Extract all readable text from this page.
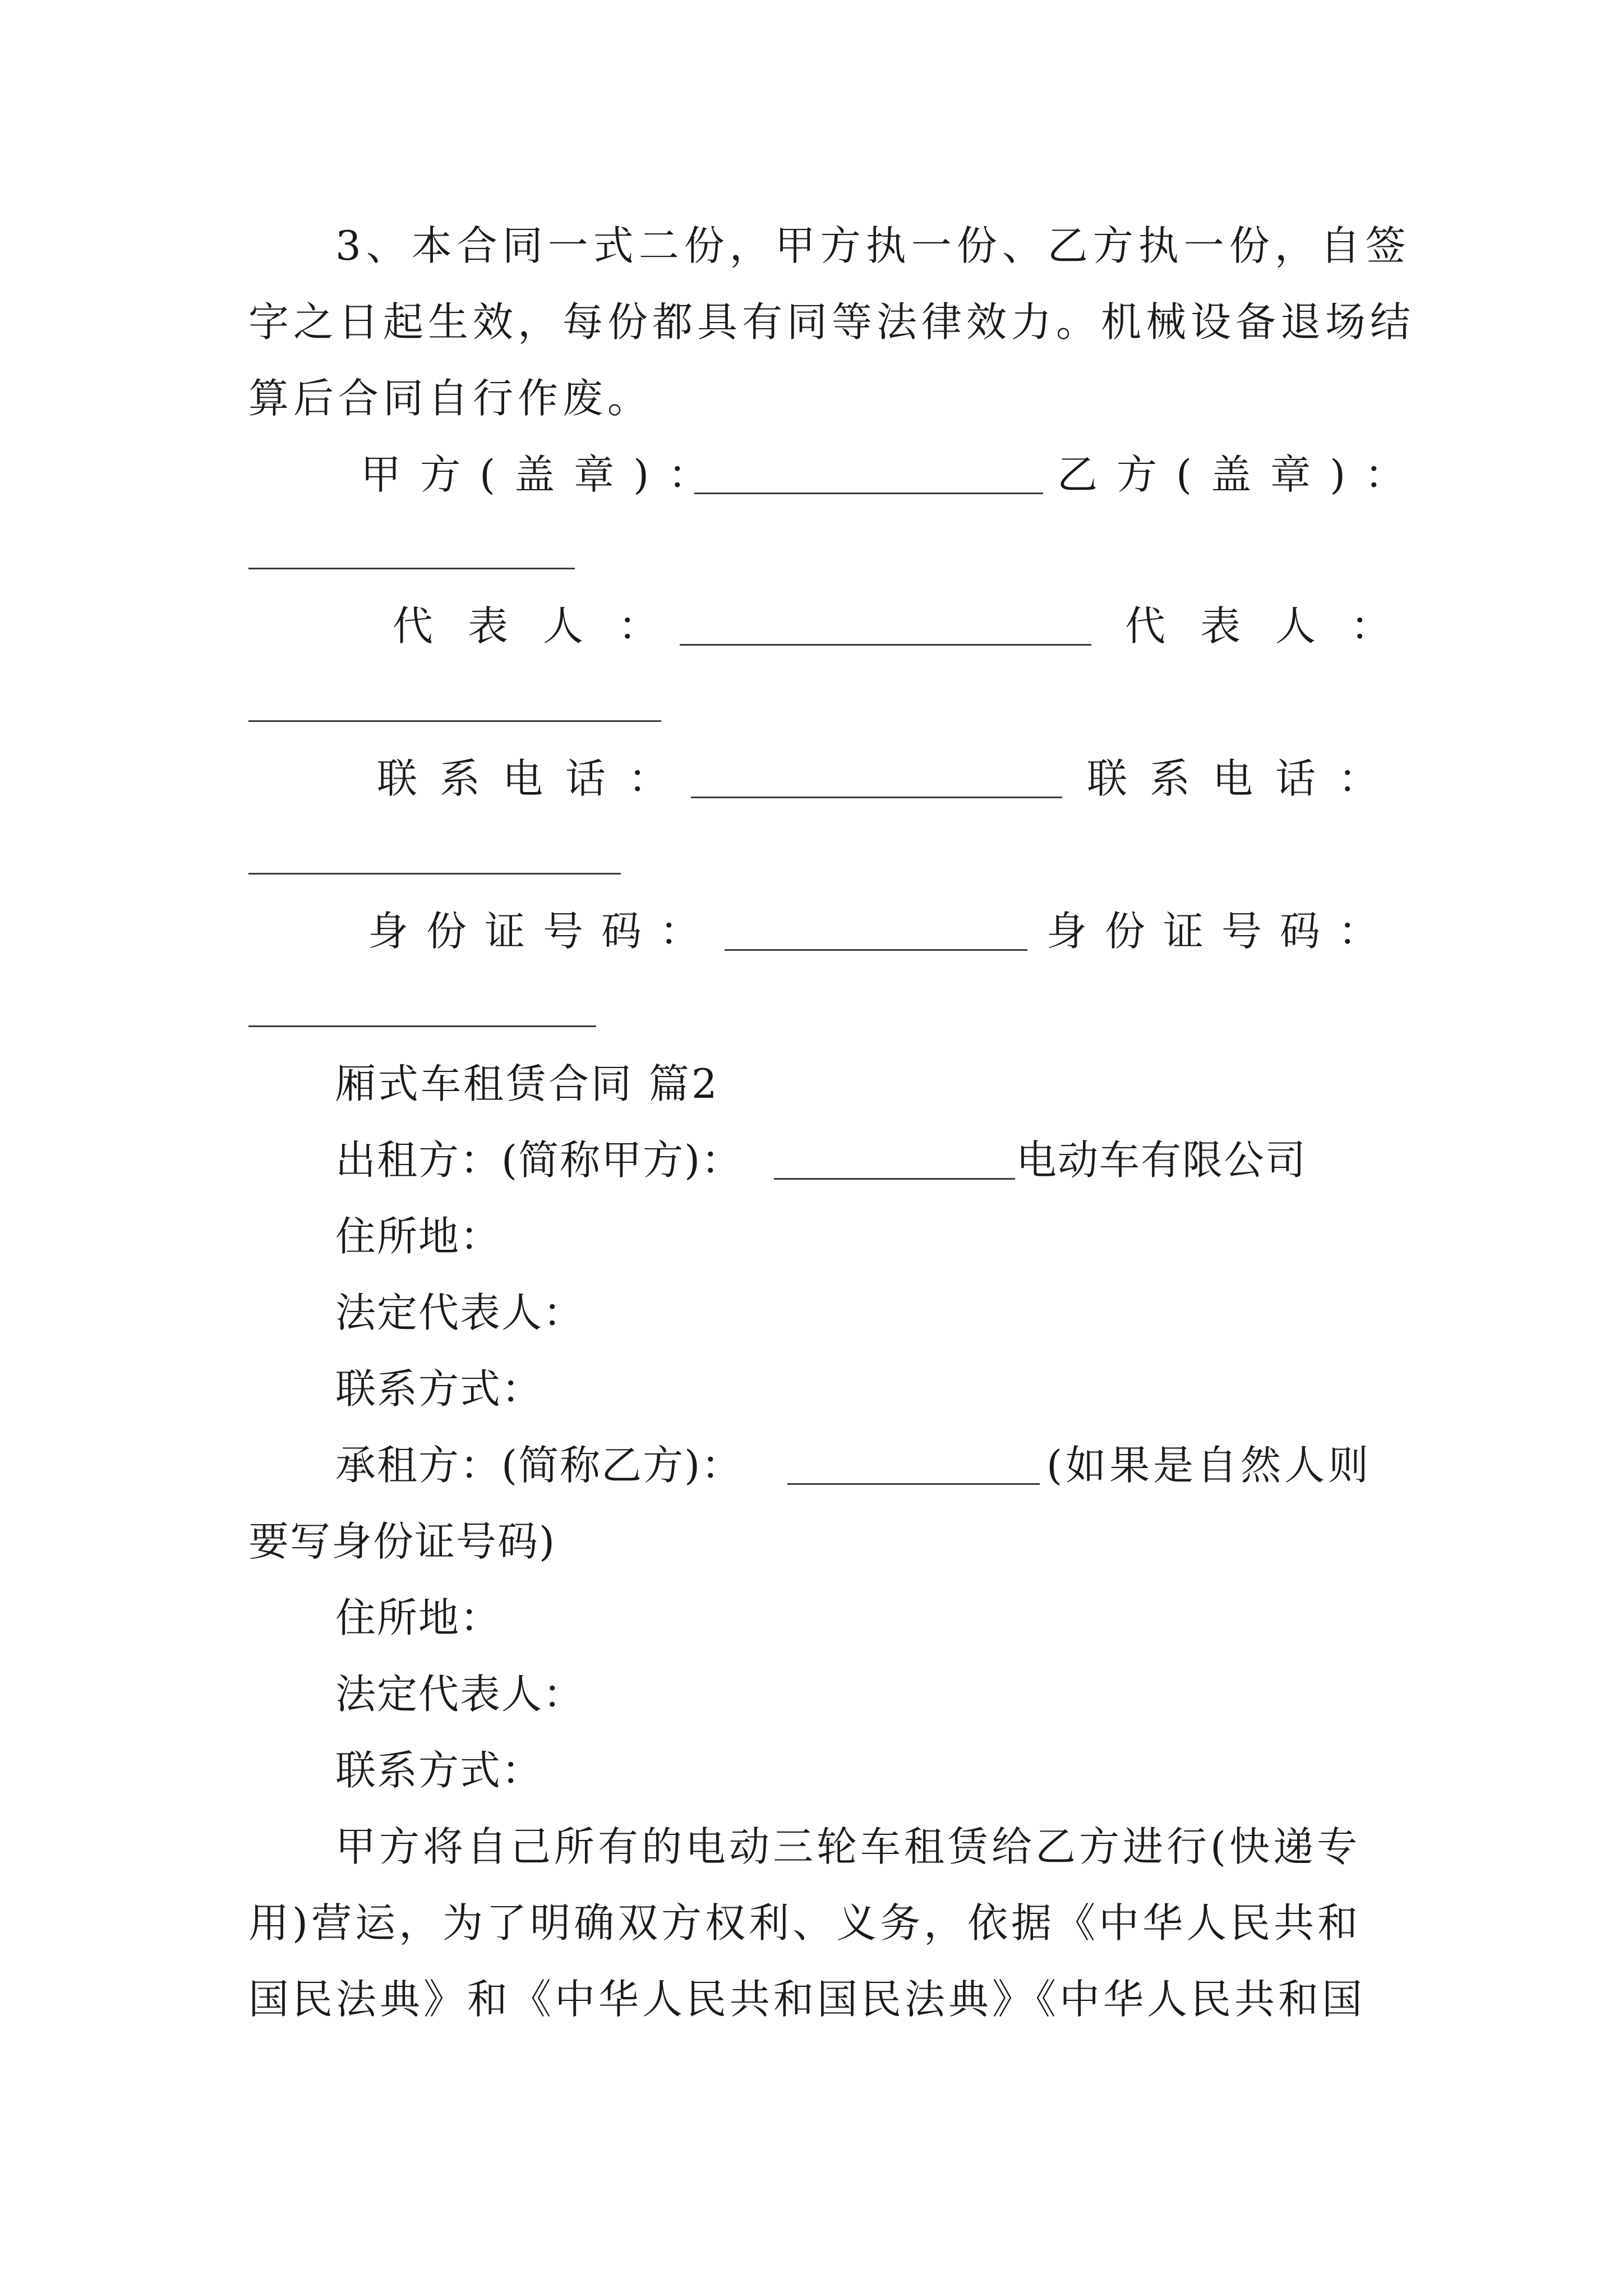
3、本合同一式二份，甲方执一份、乙方执一份，自签
字之日起生效，每份都具有同等法律效力。机械设备退场结
算后合同自行作废。
甲方(盖章)：	乙方(盖章)：
代表人：	代表人：
联系电话：	联系电话：
身份证号码：	身份证号码：
厢式车租赁合同 篇2
出租方：(简称甲方)：	电动车有限公司
住所地：
法定代表人：
联系方式：
承租方：(简称乙方)：	(如果是自然人则
要写身份证号码)
住所地：
法定代表人：
联系方式：
甲方将自己所有的电动三轮车租赁给乙方进行(快递专
用)营运，为了明确双方权利、义务，依据《中华人民共和
国民法典》和《中华人民共和国民法典》《中华人民共和国
